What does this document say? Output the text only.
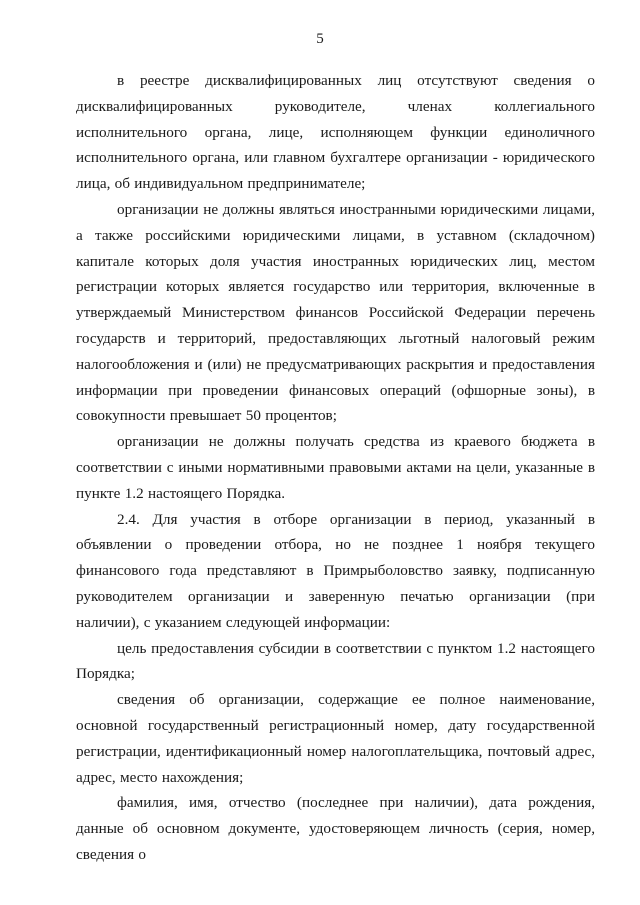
5

в реестре дисквалифицированных лиц отсутствуют сведения о дисквалифицированных руководителе, членах коллегиального исполнительного органа, лице, исполняющем функции единоличного исполнительного органа, или главном бухгалтере организации - юридического лица, об индивидуальном предпринимателе;

организации не должны являться иностранными юридическими лицами, а также российскими юридическими лицами, в уставном (складочном) капитале которых доля участия иностранных юридических лиц, местом регистрации которых является государство или территория, включенные в утверждаемый Министерством финансов Российской Федерации перечень государств и территорий, предоставляющих льготный налоговый режим налогообложения и (или) не предусматривающих раскрытия и предоставления информации при проведении финансовых операций (офшорные зоны), в совокупности превышает 50 процентов;

организации не должны получать средства из краевого бюджета в соответствии с иными нормативными правовыми актами на цели, указанные в пункте 1.2 настоящего Порядка.

2.4. Для участия в отборе организации в период, указанный в объявлении о проведении отбора, но не позднее 1 ноября текущего финансового года представляют в Примрыболовство заявку, подписанную руководителем организации и заверенную печатью организации (при наличии), с указанием следующей информации:

цель предоставления субсидии в соответствии с пунктом 1.2 настоящего Порядка;

сведения об организации, содержащие ее полное наименование, основной государственный регистрационный номер, дату государственной регистрации, идентификационный номер налогоплательщика, почтовый адрес, адрес, место нахождения;

фамилия, имя, отчество (последнее при наличии), дата рождения, данные об основном документе, удостоверяющем личность (серия, номер, сведения о
